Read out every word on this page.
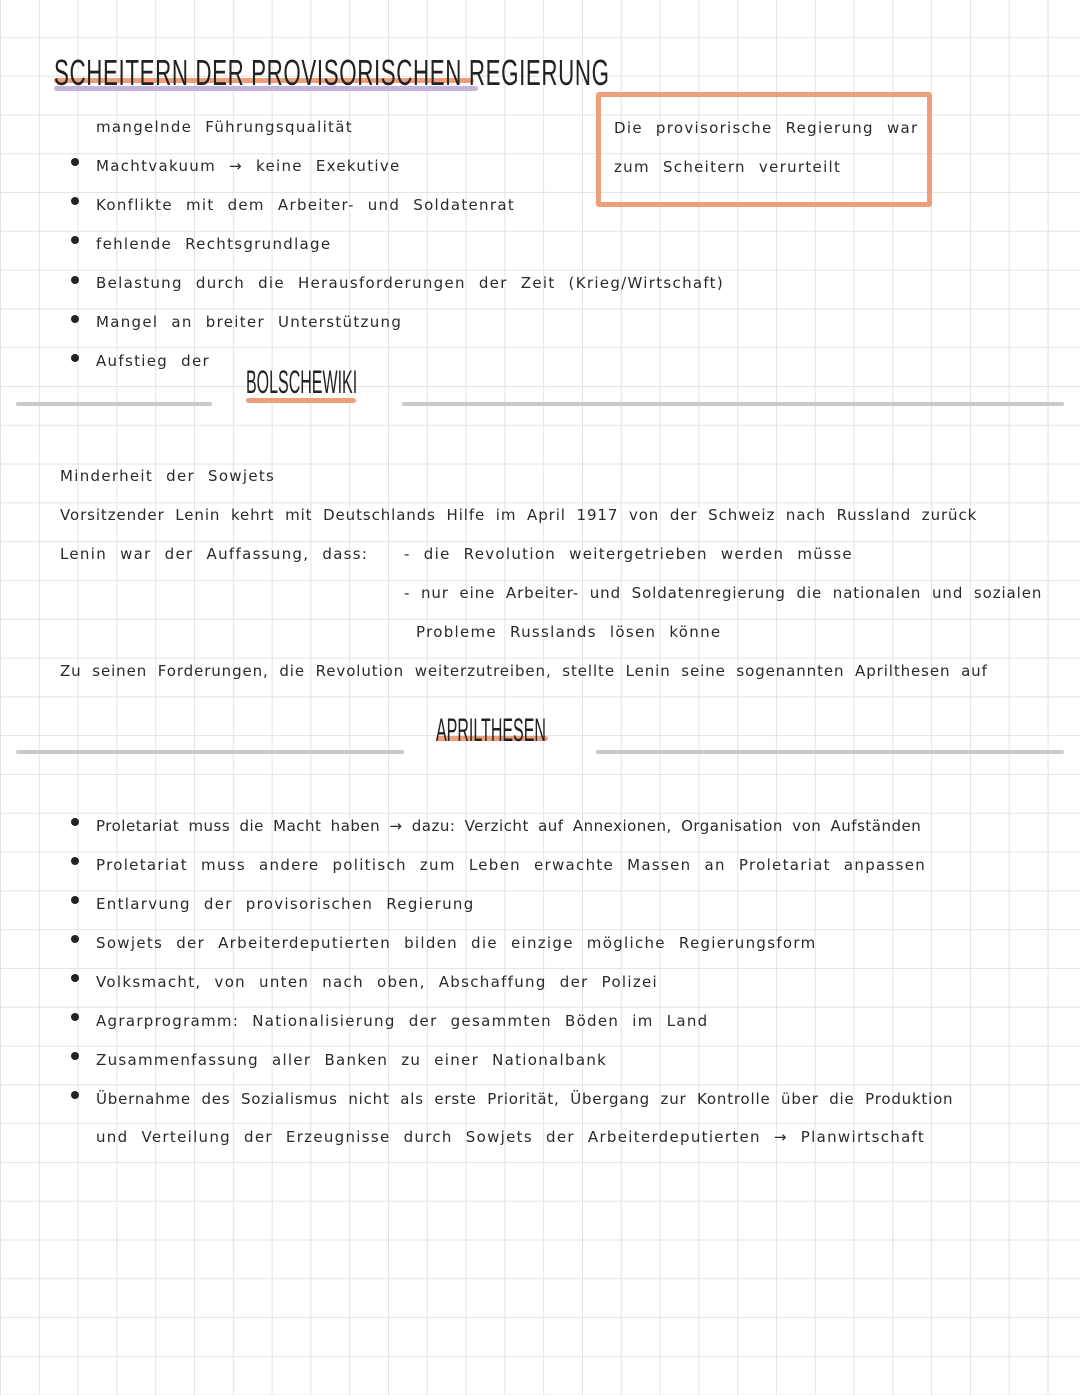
SCHEITERN DER PROVISORISCHEN REGIERUNG
mangelnde Führungsqualität
Machtvakuum → keine Exekutive
Konflikte mit dem Arbeiter- und Soldatenrat
fehlende Rechtsgrundlage
Belastung durch die Herausforderungen der Zeit (Krieg/Wirtschaft)
Mangel an breiter Unterstützung
Aufstieg der
Die provisorische Regierung war
zum Scheitern verurteilt
BOLSCHEWIKI
Minderheit der Sowjets
Vorsitzender Lenin kehrt mit Deutschlands Hilfe im April 1917 von der Schweiz nach Russland zurück
Lenin war der Auffassung, dass: - die Revolution weitergetrieben werden müsse
- nur eine Arbeiter- und Soldatenregierung die nationalen und sozialen
Probleme Russlands lösen könne
Zu seinen Forderungen, die Revolution weiterzutreiben, stellte Lenin seine sogenannten Aprilthesen auf
APRILTHESEN
Proletariat muss die Macht haben → dazu: Verzicht auf Annexionen, Organisation von Aufständen
Proletariat muss andere politisch zum Leben erwachte Massen an Proletariat anpassen
Entlarvung der provisorischen Regierung
Sowjets der Arbeiterdeputierten bilden die einzige mögliche Regierungsform
Volksmacht, von unten nach oben, Abschaffung der Polizei
Agrarprogramm: Nationalisierung der gesammten Böden im Land
Zusammenfassung aller Banken zu einer Nationalbank
Übernahme des Sozialismus nicht als erste Priorität, Übergang zur Kontrolle über die Produktion
und Verteilung der Erzeugnisse durch Sowjets der Arbeiterdeputierten → Planwirtschaft
